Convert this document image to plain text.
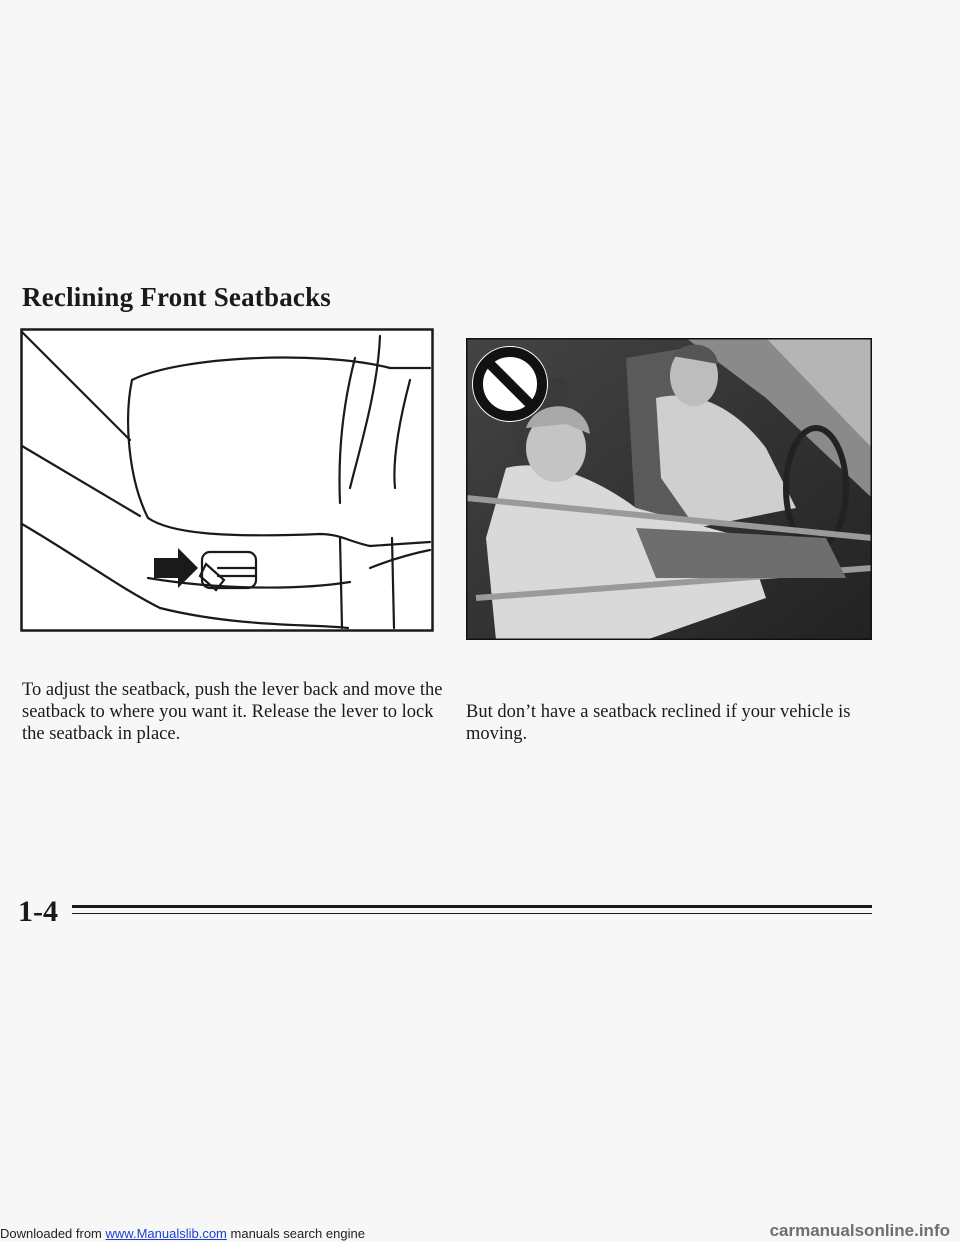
Reclining Front Seatbacks

To adjust the seatback, push the lever back and move the seatback to where you want it. Release the lever to lock the seatback in place.

But don’t have a seatback reclined if your vehicle is moving.

1-4
Downloaded from www.Manualslib.com manuals search engine	carmanualsonline.info
